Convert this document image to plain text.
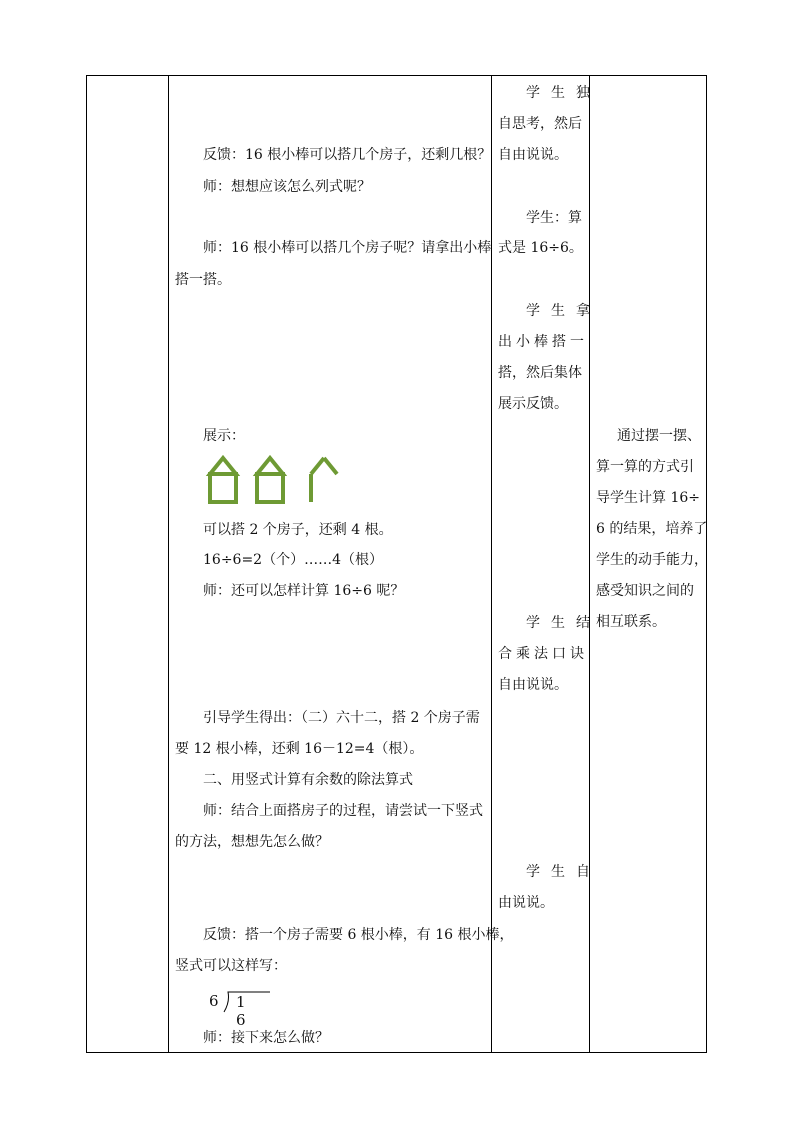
反馈：16 根小棒可以搭几个房子，还剩几根？
师：想想应该怎么列式呢？
师：16 根小棒可以搭几个房子呢？请拿出小棒
搭一搭。
展示：
可以搭 2 个房子，还剩 4 根。
16÷6=2（个）……4（根）
师：还可以怎样计算 16÷6 呢？
引导学生得出：（二）六十二，搭 2 个房子需
要 12 根小棒，还剩 16－12=4（根）。
二、用竖式计算有余数的除法算式
师：结合上面搭房子的过程，请尝试一下竖式
的方法，想想先怎么做？
反馈：搭一个房子需要 6 根小棒，有 16 根小棒，
竖式可以这样写：
6 1 6
师：接下来怎么做？
学生独
自思考，然后
自由说说。
学生：算
式是 16÷6。
学生拿
出小棒搭一
搭，然后集体
展示反馈。
学生结
合乘法口诀
自由说说。
学生自
由说说。
通过摆一摆、
算一算的方式引
导学生计算 16÷
6 的结果，培养了
学生的动手能力，
感受知识之间的
相互联系。
